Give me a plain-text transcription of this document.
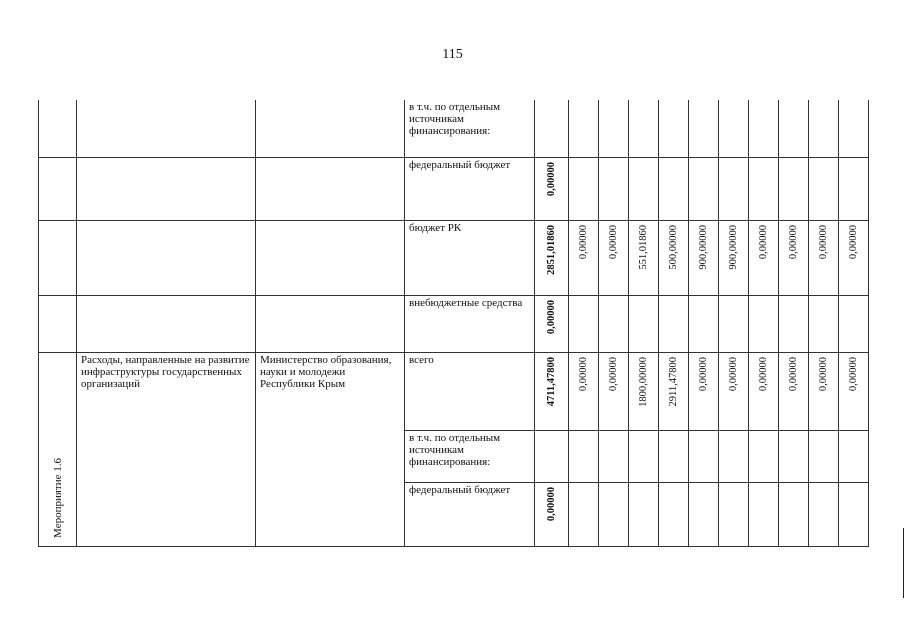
115
			в т.ч. по отдельным источникам финансирования:	

			федеральный бюджет	0,00000										

			бюджет РК	2851,01860	0,00000	0,00000	551,01860	500,00000	900,00000	900,00000	0,00000	0,00000	0,00000	0,00000

			внебюджетные средства	0,00000										

Мероприятие 1.6	Расходы, направленные на развитие инфраструктуры государственных организаций	Министерство образования, науки и молодежи Республики Крым	всего	4711,47800	0,00000	0,00000	1800,00000	2911,47800	0,00000	0,00000	0,00000	0,00000	0,00000	0,00000

			в т.ч. по отдельным источникам финансирования:	

			федеральный бюджет	0,00000										
